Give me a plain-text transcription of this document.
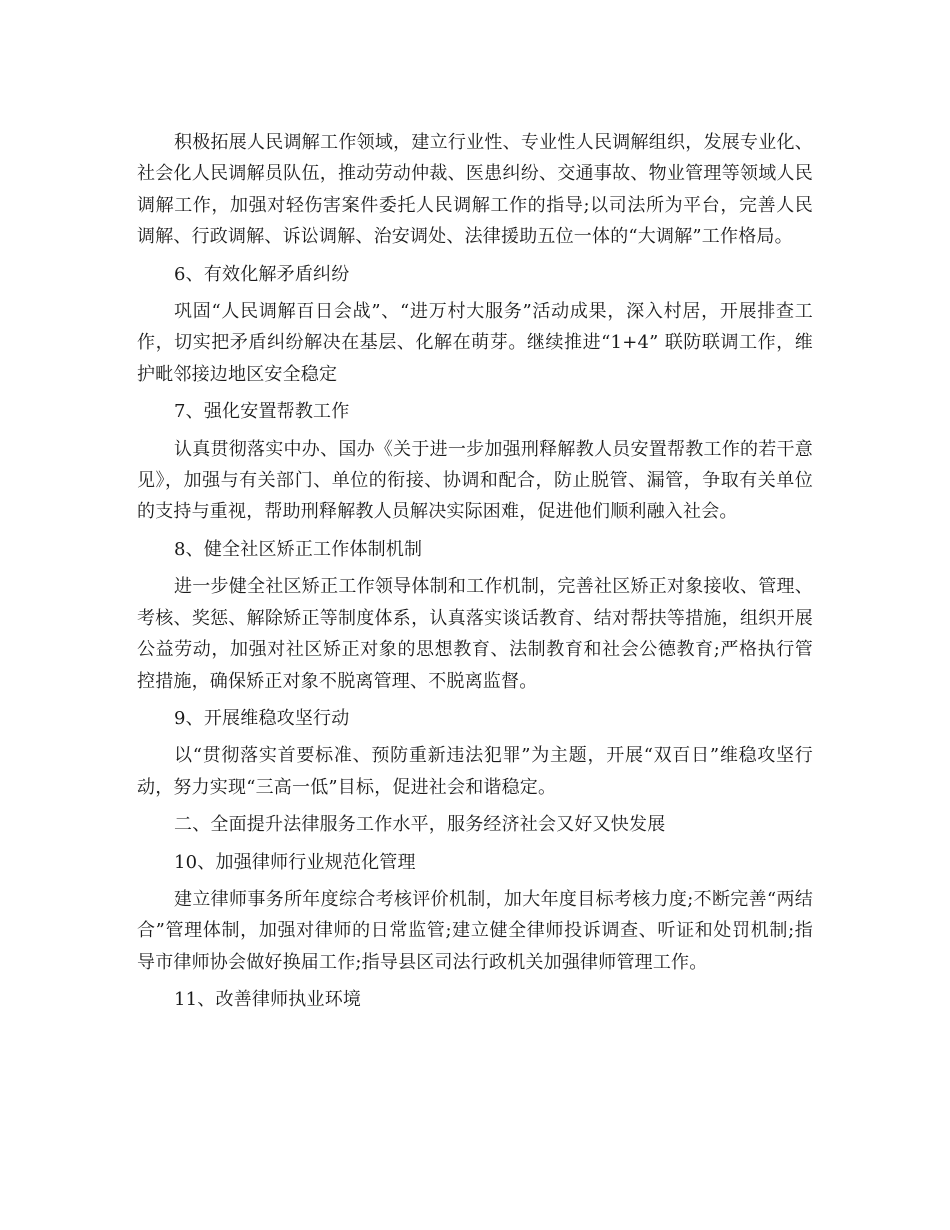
积极拓展人民调解工作领域，建立行业性、专业性人民调解组织，发展专业化、社会化人民调解员队伍，推动劳动仲裁、医患纠纷、交通事故、物业管理等领域人民调解工作，加强对轻伤害案件委托人民调解工作的指导;以司法所为平台，完善人民调解、行政调解、诉讼调解、治安调处、法律援助五位一体的“大调解”工作格局。

6、有效化解矛盾纠纷

巩固“人民调解百日会战”、“进万村大服务”活动成果，深入村居，开展排查工作，切实把矛盾纠纷解决在基层、化解在萌芽。继续推进“1+4” 联防联调工作，维护毗邻接边地区安全稳定

7、强化安置帮教工作

认真贯彻落实中办、国办《关于进一步加强刑释解教人员安置帮教工作的若干意见》，加强与有关部门、单位的衔接、协调和配合，防止脱管、漏管，争取有关单位的支持与重视，帮助刑释解教人员解决实际困难，促进他们顺利融入社会。

8、健全社区矫正工作体制机制

进一步健全社区矫正工作领导体制和工作机制，完善社区矫正对象接收、管理、考核、奖惩、解除矫正等制度体系，认真落实谈话教育、结对帮扶等措施，组织开展公益劳动，加强对社区矫正对象的思想教育、法制教育和社会公德教育;严格执行管控措施，确保矫正对象不脱离管理、不脱离监督。

9、开展维稳攻坚行动

以“贯彻落实首要标准、预防重新违法犯罪”为主题，开展“双百日”维稳攻坚行动，努力实现“三高一低”目标，促进社会和谐稳定。

二、全面提升法律服务工作水平，服务经济社会又好又快发展

10、加强律师行业规范化管理

建立律师事务所年度综合考核评价机制，加大年度目标考核力度;不断完善“两结合”管理体制，加强对律师的日常监管;建立健全律师投诉调查、听证和处罚机制;指导市律师协会做好换届工作;指导县区司法行政机关加强律师管理工作。

11、改善律师执业环境
